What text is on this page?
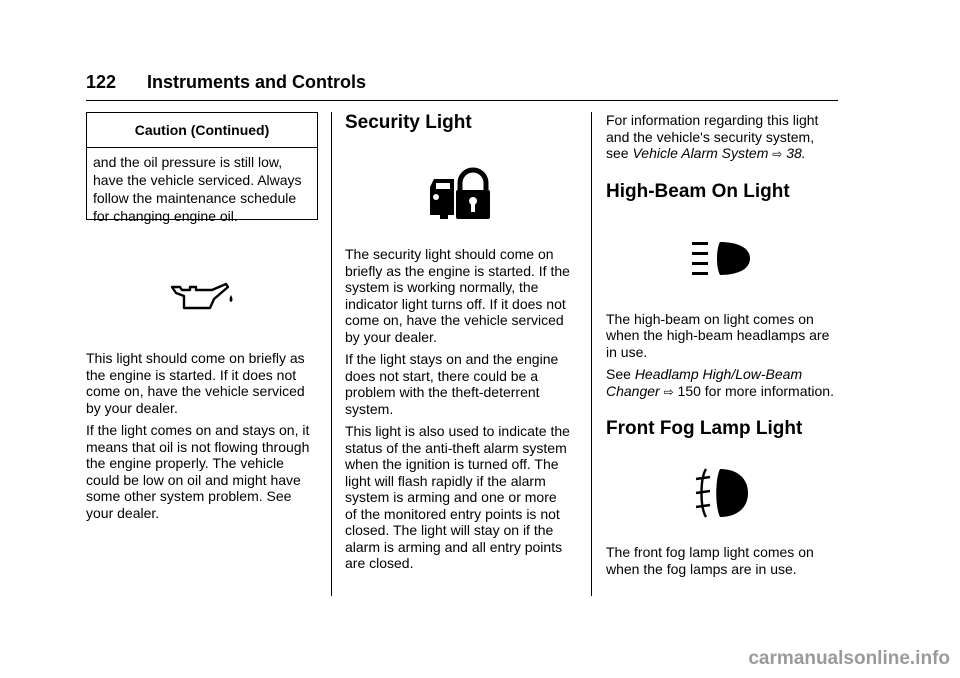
122 Instruments and Controls
Caution (Continued)
and the oil pressure is still low,
have the vehicle serviced. Always
follow the maintenance schedule
for changing engine oil.

This light should come on briefly as
the engine is started. If it does not
come on, have the vehicle serviced
by your dealer.

If the light comes on and stays on, it
means that oil is not flowing through
the engine properly. The vehicle
could be low on oil and might have
some other system problem. See
your dealer.

Security Light

The security light should come on
briefly as the engine is started. If the
system is working normally, the
indicator light turns off. If it does not
come on, have the vehicle serviced
by your dealer.

If the light stays on and the engine
does not start, there could be a
problem with the theft-deterrent
system.

This light is also used to indicate the
status of the anti-theft alarm system
when the ignition is turned off. The
light will flash rapidly if the alarm
system is arming and one or more
of the monitored entry points is not
closed. The light will stay on if the
alarm is arming and all entry points
are closed.

For information regarding this light
and the vehicle's security system,
see Vehicle Alarm System ⇨ 38.

High-Beam On Light

The high-beam on light comes on
when the high-beam headlamps are
in use.

See Headlamp High/Low-Beam
Changer ⇨ 150 for more information.

Front Fog Lamp Light

The front fog lamp light comes on
when the fog lamps are in use.

carmanualsonline.info
